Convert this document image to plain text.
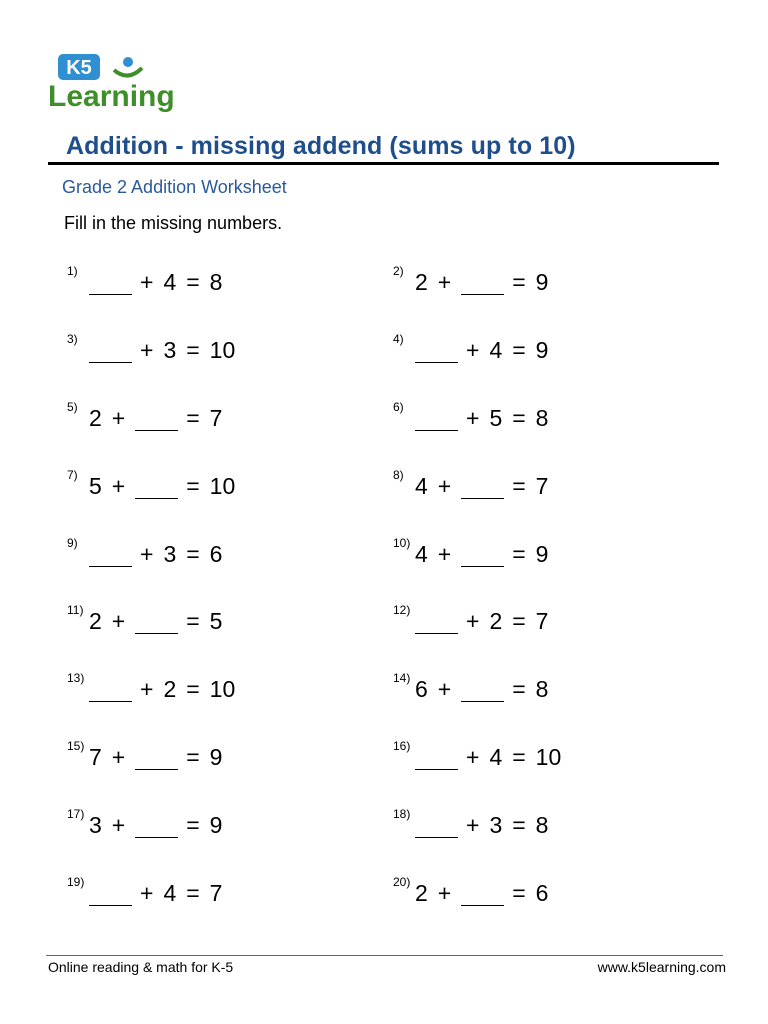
K5
Learning
Addition - missing addend (sums up to 10)
Grade 2 Addition Worksheet
Fill in the missing numbers.
1)	+ 4 = 8	2) 2 +	= 9
3)	+ 3 = 10	4)	+ 4 = 9
5) 2 +	= 7	6)	+ 5 = 8
7) 5 +	= 10	8) 4 +	= 7
9)	+ 3 = 6	10) 4 +	= 9
11) 2 +	= 5	12) + 2 = 7
13) + 2 = 10	14) 6 +	= 8
15) 7 +	= 9	16) + 4 = 10
17) 3 +	= 9	18) + 3 = 8
19) + 4 = 7	20) 2 +	= 6
Online reading & math for K-5	www.k5learning.com
